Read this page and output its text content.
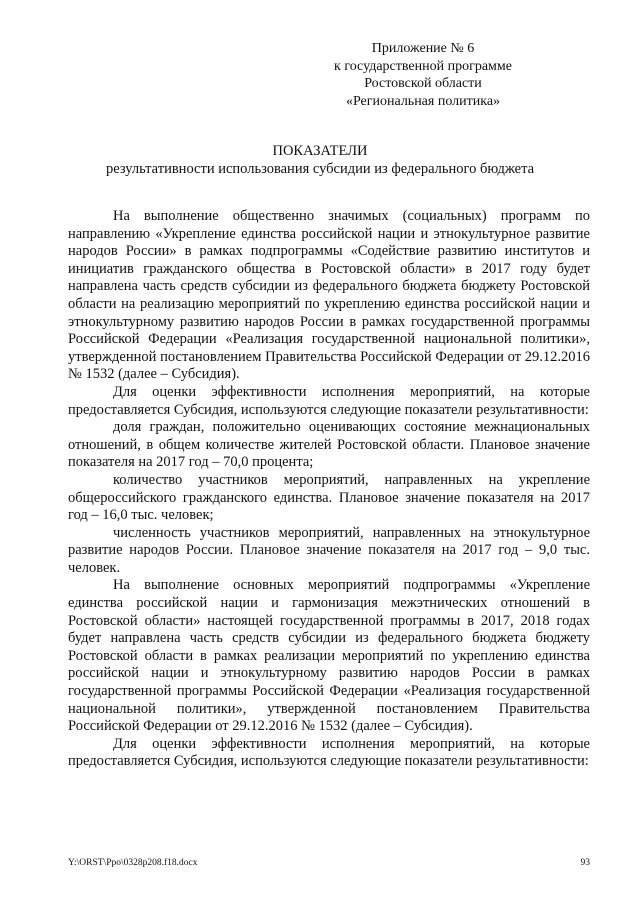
Приложение № 6
к государственной программе
Ростовской области
«Региональная политика»
ПОКАЗАТЕЛИ
результативности использования субсидии из федерального бюджета

На выполнение общественно значимых (социальных) программ по направлению «Укрепление единства российской нации и этнокультурное развитие народов России» в рамках подпрограммы «Содействие развитию институтов и инициатив гражданского общества в Ростовской области» в 2017 году будет направлена часть средств субсидии из федерального бюджета бюджету Ростовской области на реализацию мероприятий по укреплению единства российской нации и этнокультурному развитию народов России в рамках государственной программы Российской Федерации «Реализация государственной национальной политики», утвержденной постановлением Правительства Российской Федерации от 29.12.2016 № 1532 (далее – Субсидия).

Для оценки эффективности исполнения мероприятий, на которые предоставляется Субсидия, используются следующие показатели результативности:

доля граждан, положительно оценивающих состояние межнациональных отношений, в общем количестве жителей Ростовской области. Плановое значение показателя на 2017 год – 70,0 процента;

количество участников мероприятий, направленных на укрепление общероссийского гражданского единства. Плановое значение показателя на 2017 год – 16,0 тыс. человек;

численность участников мероприятий, направленных на этнокультурное развитие народов России. Плановое значение показателя на 2017 год – 9,0 тыс. человек.

На выполнение основных мероприятий подпрограммы «Укрепление единства российской нации и гармонизация межэтнических отношений в Ростовской области» настоящей государственной программы в 2017, 2018 годах будет направлена часть средств субсидии из федерального бюджета бюджету Ростовской области в рамках реализации мероприятий по укреплению единства российской нации и этнокультурному развитию народов России в рамках государственной программы Российской Федерации «Реализация государственной национальной политики», утвержденной постановлением Правительства Российской Федерации от 29.12.2016 № 1532 (далее – Субсидия).

Для оценки эффективности исполнения мероприятий, на которые предоставляется Субсидия, используются следующие показатели результативности:

Y:\ORST\Ppo\0328p208.f18.docx	93
